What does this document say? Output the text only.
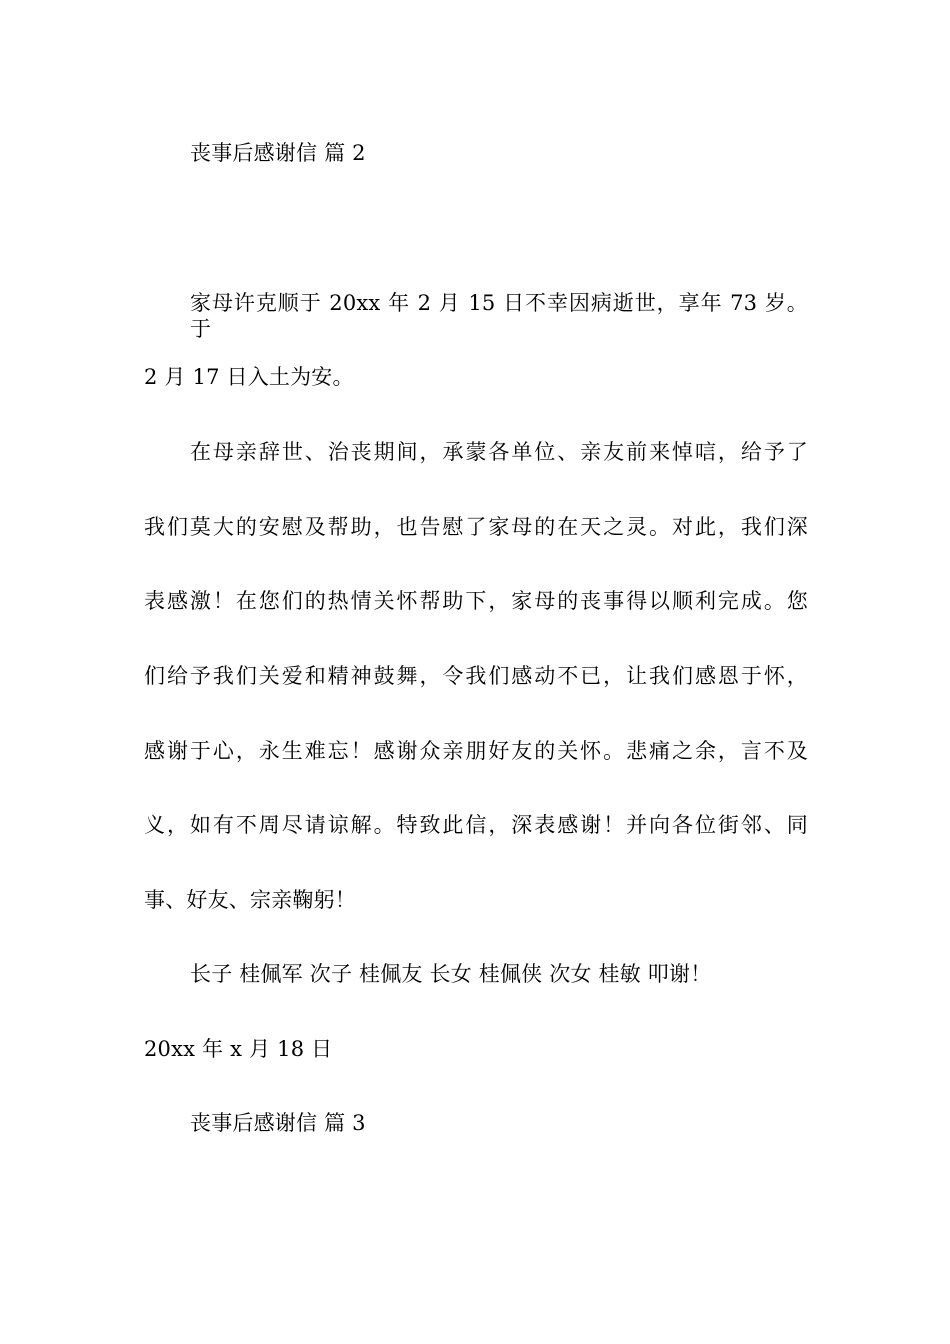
丧事后感谢信 篇 2
家母许克顺于 20xx 年 2 月 15 日不幸因病逝世，享年 73 岁。于
2 月 17 日入土为安。
在母亲辞世、治丧期间，承蒙各单位、亲友前来悼唁，给予了
我们莫大的安慰及帮助，也告慰了家母的在天之灵。对此，我们深
表感激！在您们的热情关怀帮助下，家母的丧事得以顺利完成。您
们给予我们关爱和精神鼓舞，令我们感动不已，让我们感恩于怀，
感谢于心，永生难忘！感谢众亲朋好友的关怀。悲痛之余，言不及
义，如有不周尽请谅解。特致此信，深表感谢！并向各位街邻、同
事、好友、宗亲鞠躬！
长子 桂佩军 次子 桂佩友 长女 桂佩侠 次女 桂敏 叩谢！
20xx 年 x 月 18 日
丧事后感谢信 篇 3
